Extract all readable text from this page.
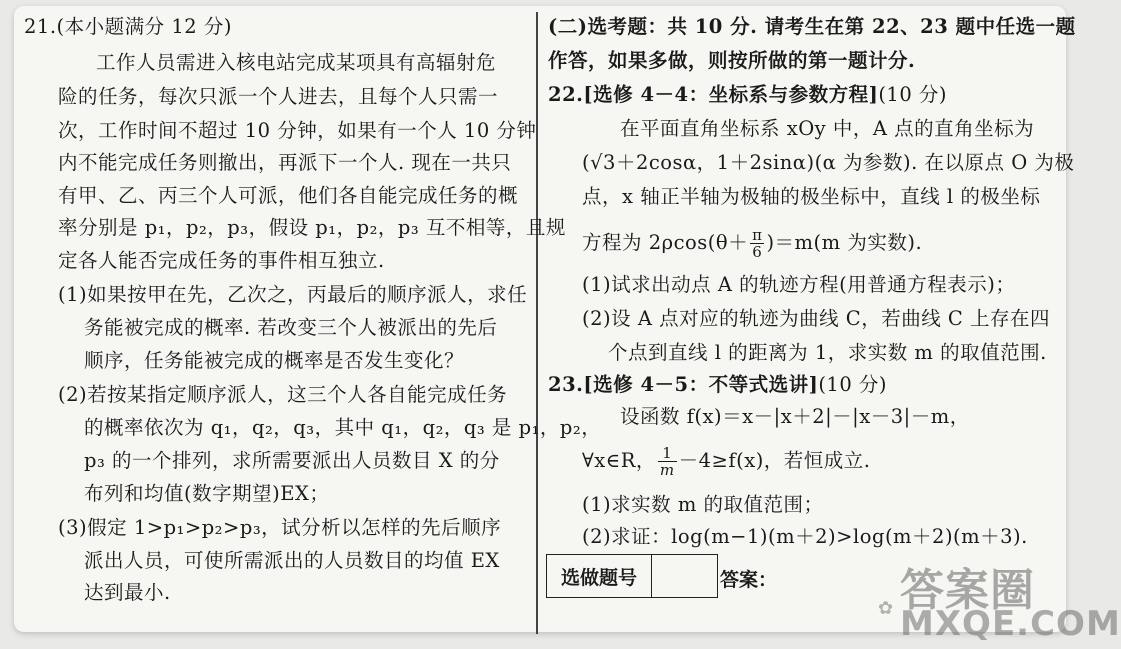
21.(本小题满分 12 分)
工作人员需进入核电站完成某项具有高辐射危
险的任务，每次只派一个人进去，且每个人只需一
次，工作时间不超过 10 分钟，如果有一个人 10 分钟
内不能完成任务则撤出，再派下一个人. 现在一共只
有甲、乙、丙三个人可派，他们各自能完成任务的概
率分别是 p₁，p₂，p₃，假设 p₁，p₂，p₃ 互不相等，且规
定各人能否完成任务的事件相互独立.
(1)如果按甲在先，乙次之，丙最后的顺序派人，求任
务能被完成的概率. 若改变三个人被派出的先后
顺序，任务能被完成的概率是否发生变化？
(2)若按某指定顺序派人，这三个人各自能完成任务
的概率依次为 q₁，q₂，q₃，其中 q₁，q₂，q₃ 是 p₁，p₂，
p₃ 的一个排列，求所需要派出人员数目 X 的分
布列和均值(数字期望)EX；
(3)假定 1>p₁>p₂>p₃，试分析以怎样的先后顺序
派出人员，可使所需派出的人员数目的均值 EX
达到最小.
(二)选考题：共 10 分. 请考生在第 22、23 题中任选一题
作答，如果多做，则按所做的第一题计分.
22.[选修 4－4：坐标系与参数方程](10 分)
在平面直角坐标系 xOy 中，A 点的直角坐标为
(√3＋2cosα，1＋2sinα)(α 为参数). 在以原点 O 为极
点，x 轴正半轴为极轴的极坐标中，直线 l 的极坐标
方程为 $2\rho\cos(\theta+ \frac{\pi}{6} )=m(m$ 为实数).
(1)试求出动点 A 的轨迹方程(用普通方程表示)；
(2)设 A 点对应的轨迹为曲线 C，若曲线 C 上存在四
个点到直线 l 的距离为 1，求实数 m 的取值范围.
23.[选修 4－5：不等式选讲](10 分)
设函数 f(x)＝x－|x＋2|－|x－3|－m，
∀x∈R， $\frac{1}{m} -4\ge f(x)$，若恒成立.
(1)求实数 m 的取值范围；
(2)求证：log(m−1)(m＋2)>log(m＋2)(m＋3).
选做题号	答案：	答案圈
✿ MXQE.COM
